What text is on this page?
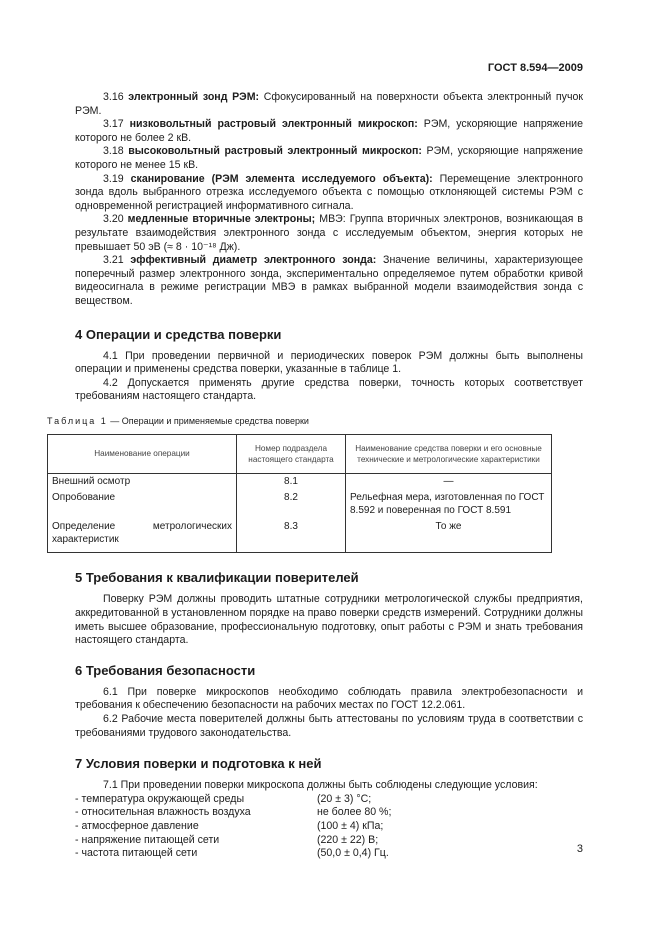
ГОСТ 8.594—2009

3.16 электронный зонд РЭМ: Сфокусированный на поверхности объекта электронный пучок РЭМ.

3.17 низковольтный растровый электронный микроскоп: РЭМ, ускоряющие напряжение которого не более 2 кВ.

3.18 высоковольтный растровый электронный микроскоп: РЭМ, ускоряющие напряжение которого не менее 15 кВ.

3.19 сканирование (РЭМ элемента исследуемого объекта): Перемещение электронного зонда вдоль выбранного отрезка исследуемого объекта с помощью отклоняющей системы РЭМ с одновременной регистрацией информативного сигнала.

3.20 медленные вторичные электроны; МВЭ: Группа вторичных электронов, возникающая в результате взаимодействия электронного зонда с исследуемым объектом, энергия которых не превышает 50 эВ (≈ 8 · 10⁻¹⁸ Дж).

3.21 эффективный диаметр электронного зонда: Значение величины, характеризующее поперечный размер электронного зонда, экспериментально определяемое путем обработки кривой видеосигнала в режиме регистрации МВЭ в рамках выбранной модели взаимодействия зонда с веществом.

4 Операции и средства поверки

4.1 При проведении первичной и периодических поверок РЭМ должны быть выполнены операции и применены средства поверки, указанные в таблице 1.

4.2 Допускается применять другие средства поверки, точность которых соответствует требованиям настоящего стандарта.

Таблица 1 — Операции и применяемые средства поверки
Наименование операции	Номер подраздела настоящего стандарта	Наименование средства поверки и его основные технические и метрологические характеристики
Внешний осмотр	8.1	—
Опробование	8.2	Рельефная мера, изготовленная по ГОСТ 8.592 и поверенная по ГОСТ 8.591
Определение метрологических характеристик	8.3	То же
5 Требования к квалификации поверителей

Поверку РЭМ должны проводить штатные сотрудники метрологической службы предприятия, аккредитованной в установленном порядке на право поверки средств измерений. Сотрудники должны иметь высшее образование, профессиональную подготовку, опыт работы с РЭМ и знать требования настоящего стандарта.

6 Требования безопасности

6.1 При поверке микроскопов необходимо соблюдать правила электробезопасности и требования к обеспечению безопасности на рабочих местах по ГОСТ 12.2.061.

6.2 Рабочие места поверителей должны быть аттестованы по условиям труда в соответствии с требованиями трудового законодательства.

7 Условия поверки и подготовка к ней

7.1 При проведении поверки микроскопа должны быть соблюдены следующие условия:

- температура окружающей среды	(20 ± 3) °С;
- относительная влажность воздуха	не более 80 %;
- атмосферное давление	(100 ± 4) кПа;
- напряжение питающей сети	(220 ± 22) В;
- частота питающей сети	(50,0 ± 0,4) Гц.	3
